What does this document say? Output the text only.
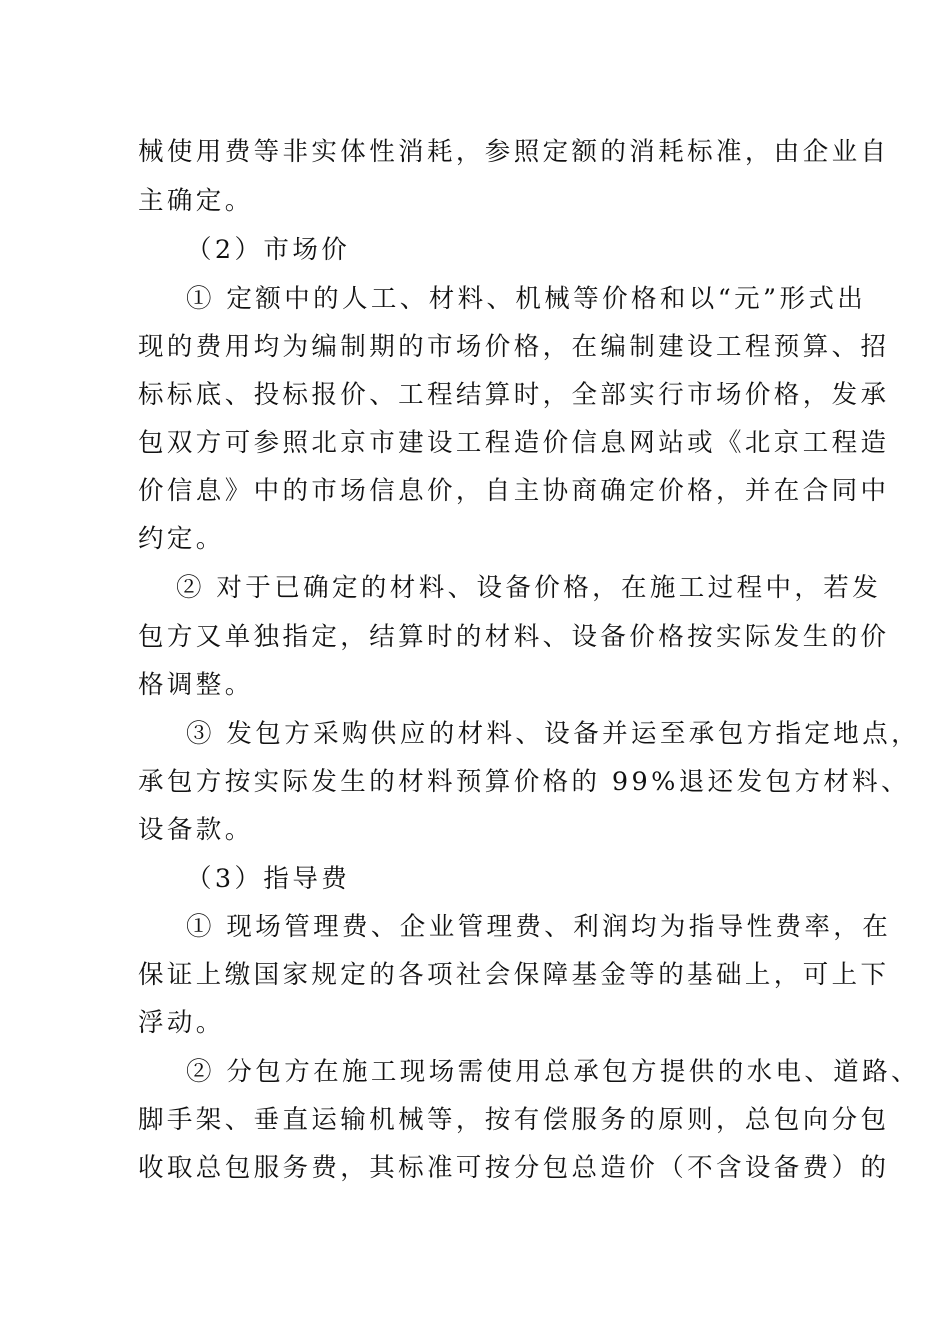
械使用费等非实体性消耗，参照定额的消耗标准，由企业自
主确定。
（2）市场价
① 定额中的人工、材料、机械等价格和以“元”形式出
现的费用均为编制期的市场价格，在编制建设工程预算、招
标标底、投标报价、工程结算时，全部实行市场价格，发承
包双方可参照北京市建设工程造价信息网站或《北京工程造
价信息》中的市场信息价，自主协商确定价格，并在合同中
约定。
② 对于已确定的材料、设备价格，在施工过程中，若发
包方又单独指定，结算时的材料、设备价格按实际发生的价
格调整。
③ 发包方采购供应的材料、设备并运至承包方指定地点，
承包方按实际发生的材料预算价格的 99%退还发包方材料、
设备款。
（3）指导费
① 现场管理费、企业管理费、利润均为指导性费率，在
保证上缴国家规定的各项社会保障基金等的基础上，可上下
浮动。
② 分包方在施工现场需使用总承包方提供的水电、道路、
脚手架、垂直运输机械等，按有偿服务的原则，总包向分包
收取总包服务费，其标准可按分包总造价（不含设备费）的
